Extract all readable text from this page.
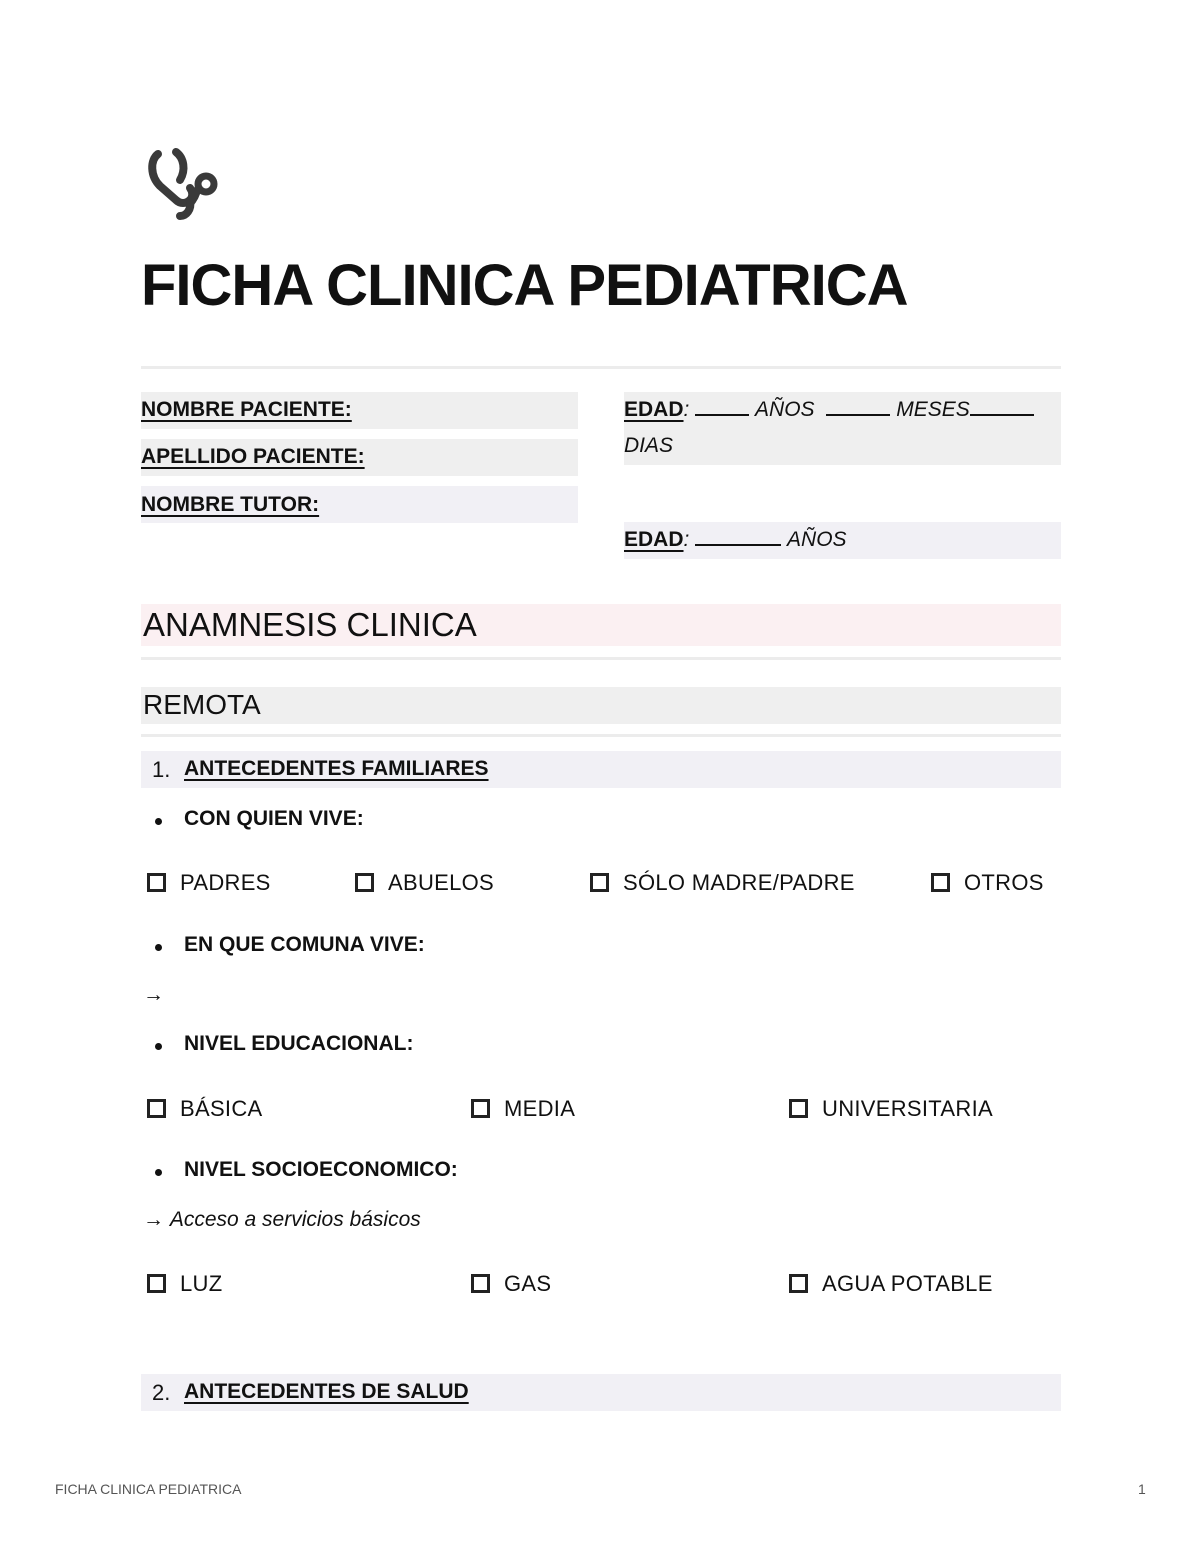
FICHA CLINICA PEDIATRICA
NOMBRE PACIENTE:
APELLIDO PACIENTE:
NOMBRE TUTOR:
EDAD:	AÑOS	MESES
DIAS
EDAD:	AÑOS
ANAMNESIS CLINICA
REMOTA
1. ANTECEDENTES FAMILIARES
CON QUIEN VIVE:
PADRES	ABUELOS	SÓLO MADRE/PADRE	OTROS
EN QUE COMUNA VIVE:
→
NIVEL EDUCACIONAL:
BÁSICA	MEDIA	UNIVERSITARIA
NIVEL SOCIOECONOMICO:
→ Acceso a servicios básicos
LUZ	GAS	AGUA POTABLE
2. ANTECEDENTES DE SALUD
FICHA CLINICA PEDIATRICA	1
